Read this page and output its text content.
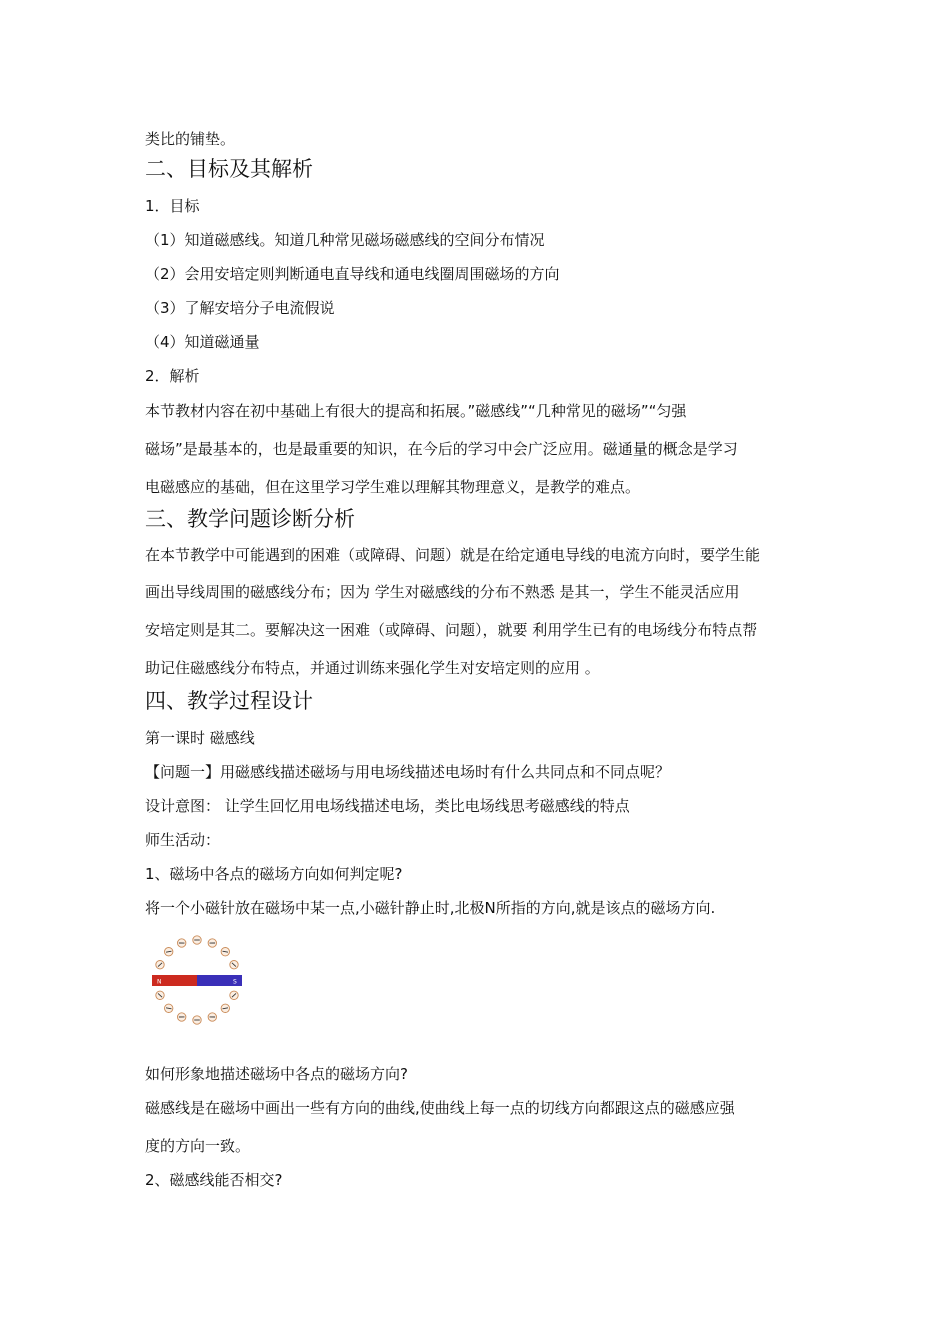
类比的铺垫。
二、目标及其解析
1．目标
（1）知道磁感线。知道几种常见磁场磁感线的空间分布情况
（2）会用安培定则判断通电直导线和通电线圈周围磁场的方向
（3）了解安培分子电流假说
（4）知道磁通量
2．解析
本节教材内容在初中基础上有很大的提高和拓展。”磁感线”“几种常见的磁场”“匀强
磁场”是最基本的，也是最重要的知识，在今后的学习中会广泛应用。磁通量的概念是学习
电磁感应的基础，但在这里学习学生难以理解其物理意义，是教学的难点。
三、教学问题诊断分析
在本节教学中可能遇到的困难（或障碍、问题）就是在给定通电导线的电流方向时，要学生能
画出导线周围的磁感线分布；因为 学生对磁感线的分布不熟悉 是其一，学生不能灵活应用
安培定则是其二。要解决这一困难（或障碍、问题），就要 利用学生已有的电场线分布特点帮
助记住磁感线分布特点，并通过训练来强化学生对安培定则的应用 。
四、教学过程设计
第一课时 磁感线
【问题一】用磁感线描述磁场与用电场线描述电场时有什么共同点和不同点呢？
设计意图： 让学生回忆用电场线描述电场，类比电场线思考磁感线的特点
师生活动：
1、磁场中各点的磁场方向如何判定呢?
将一个小磁针放在磁场中某一点,小磁针静止时,北极N所指的方向,就是该点的磁场方向.
N	S
如何形象地描述磁场中各点的磁场方向?
磁感线是在磁场中画出一些有方向的曲线,使曲线上每一点的切线方向都跟这点的磁感应强
度的方向一致。
2、磁感线能否相交?
